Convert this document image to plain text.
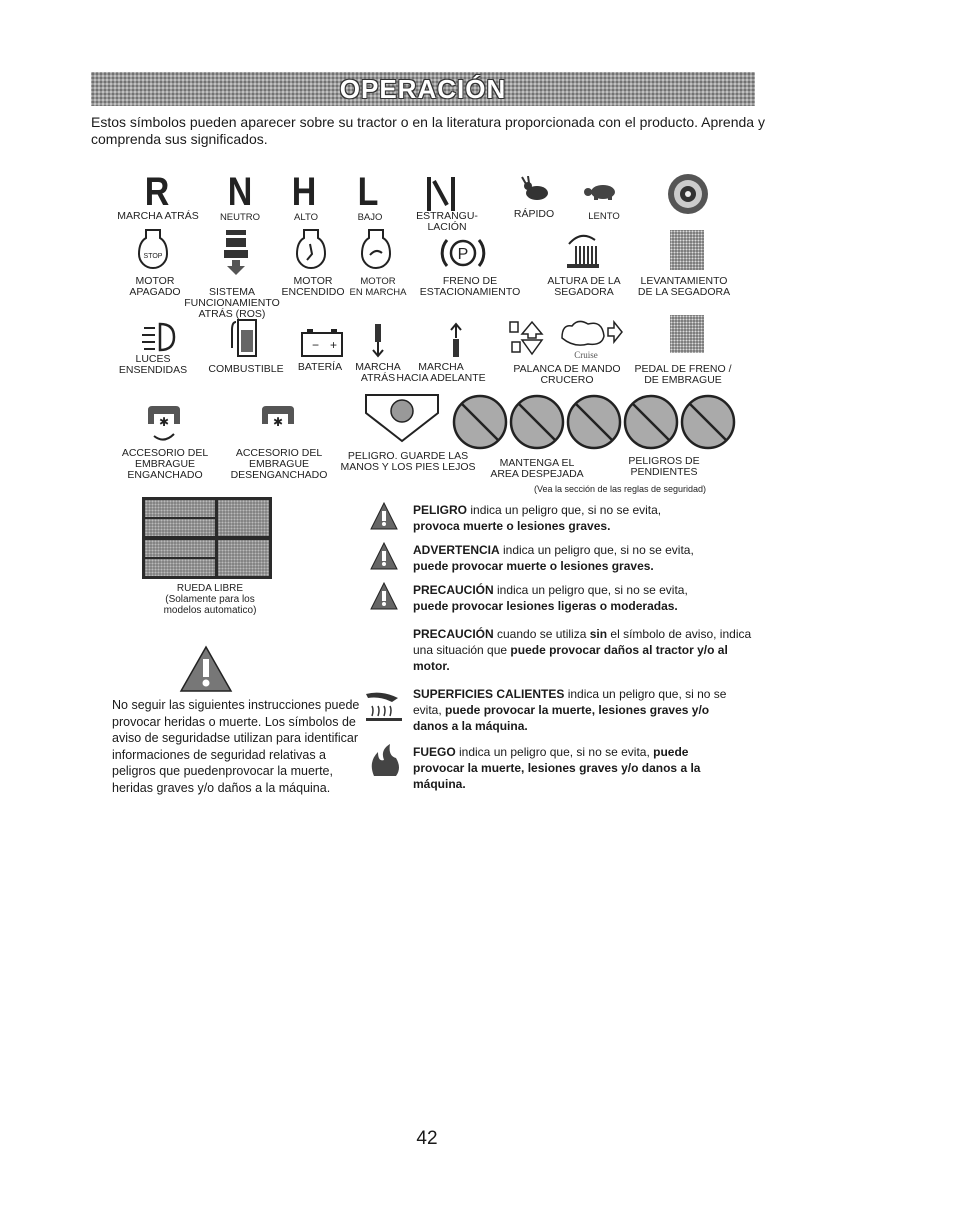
OPERACIÓN
Estos símbolos pueden aparecer sobre su tractor o en la literatura proporcionada con el producto. Aprenda y comprenda sus significados.
R N H L
MARCHA ATRÁS NEUTRO	ALTO	BAJO	ESTRANGU-
LACIÓN
RÁPIDO	LENTO
STOP	P
MOTOR
APAGADO	SISTEMA
FUNCIONAMIENTO
ATRÁS (ROS)
MOTOR
ENCENDIDO
MOTOR
EN MARCHA
FRENO DE
ESTACIONAMIENTO
ALTURA DE LA
SEGADORA
LEVANTAMIENTO
DE LA SEGADORA
− +
Cruise
LUCES
ENSENDIDAS COMBUSTIBLE BATERÍA MARCHA
ATRÁS
MARCHA
HACIA ADELANTE
PALANCA DE MANDO
CRUCERO
PEDAL DE FRENO /
DE EMBRAGUE
✱	✱
ACCESORIO DEL
EMBRAGUE
ENGANCHADO
ACCESORIO DEL
EMBRAGUE
DESENGANCHADO
PELIGRO. GUARDE LAS
MANOS Y LOS PIES LEJOS	MANTENGA EL
AREA DESPEJADA
PELIGROS DE
PENDIENTES
(Vea la sección de las reglas de seguridad)
RUEDA LIBRE
(Solamente para los
modelos automatico)
PELIGRO indica un peligro que, si no se evita,
provoca muerte o lesiones graves.
ADVERTENCIA indica un peligro que, si no se evita,
puede provocar muerte o lesiones graves.
PRECAUCIÓN indica un peligro que, si no se evita,
puede provocar lesiones ligeras o moderadas.
PRECAUCIÓN cuando se utiliza sin el símbolo de aviso, indica una situación que puede provocar daños al tractor y/o al motor.
SUPERFICIES CALIENTES indica un peligro que, si no se evita, puede provocar la muerte, lesiones graves y/o danos a la máquina.
FUEGO indica un peligro que, si no se evita, puede provocar la muerte, lesiones graves y/o danos a la máquina.
No seguir las siguientes instrucciones puede provocar heridas o muerte. Los símbolos de aviso de seguridadse utilizan para identificar informaciones de seguridad relativas a peligros que puedenprovocar la muerte, heridas graves y/o daños a la máquina.
42
